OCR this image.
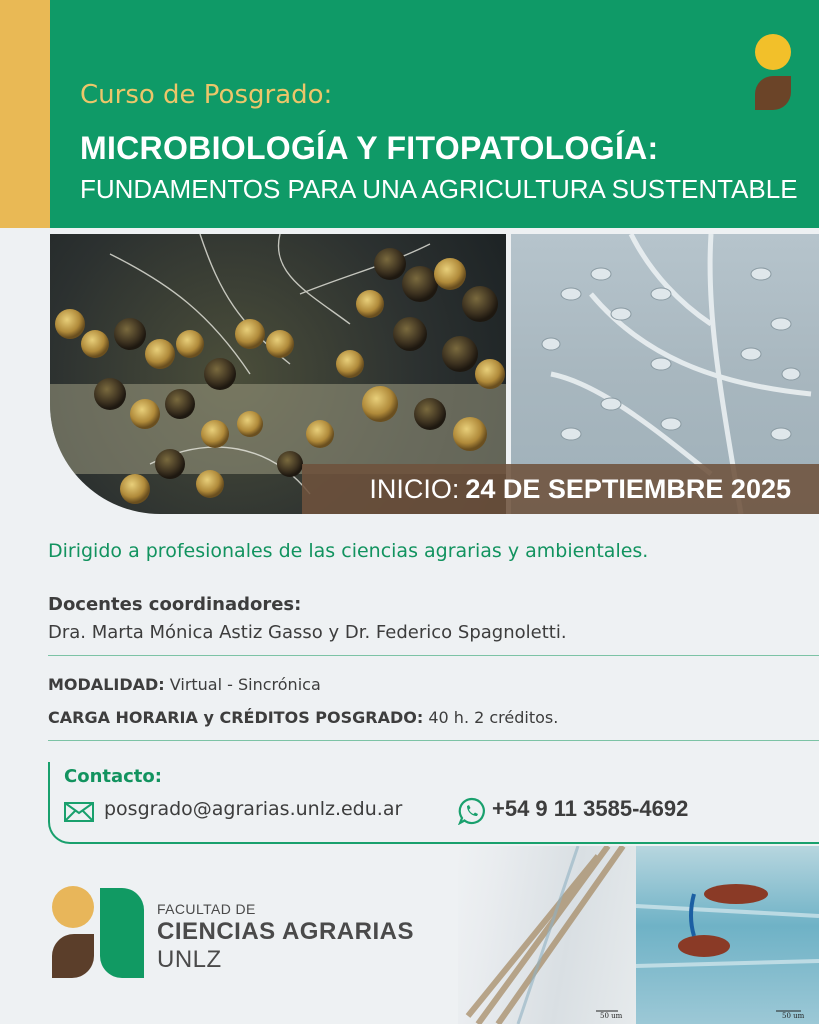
Curso de Posgrado:
MICROBIOLOGÍA Y FITOPATOLOGÍA:
FUNDAMENTOS PARA UNA AGRICULTURA SUSTENTABLE
INICIO: 24 DE SEPTIEMBRE 2025
Dirigido a profesionales de las ciencias agrarias y ambientales.
Docentes coordinadores:
Dra. Marta Mónica Astiz Gasso y Dr. Federico Spagnoletti.
MODALIDAD: Virtual - Sincrónica
CARGA HORARIA y CRÉDITOS POSGRADO: 40 h. 2 créditos.
Contacto:
posgrado@agrarias.unlz.edu.ar	+54 9 11 3585-4692
FACULTAD DE
CIENCIAS AGRARIAS
UNLZ
50 um	50 um
